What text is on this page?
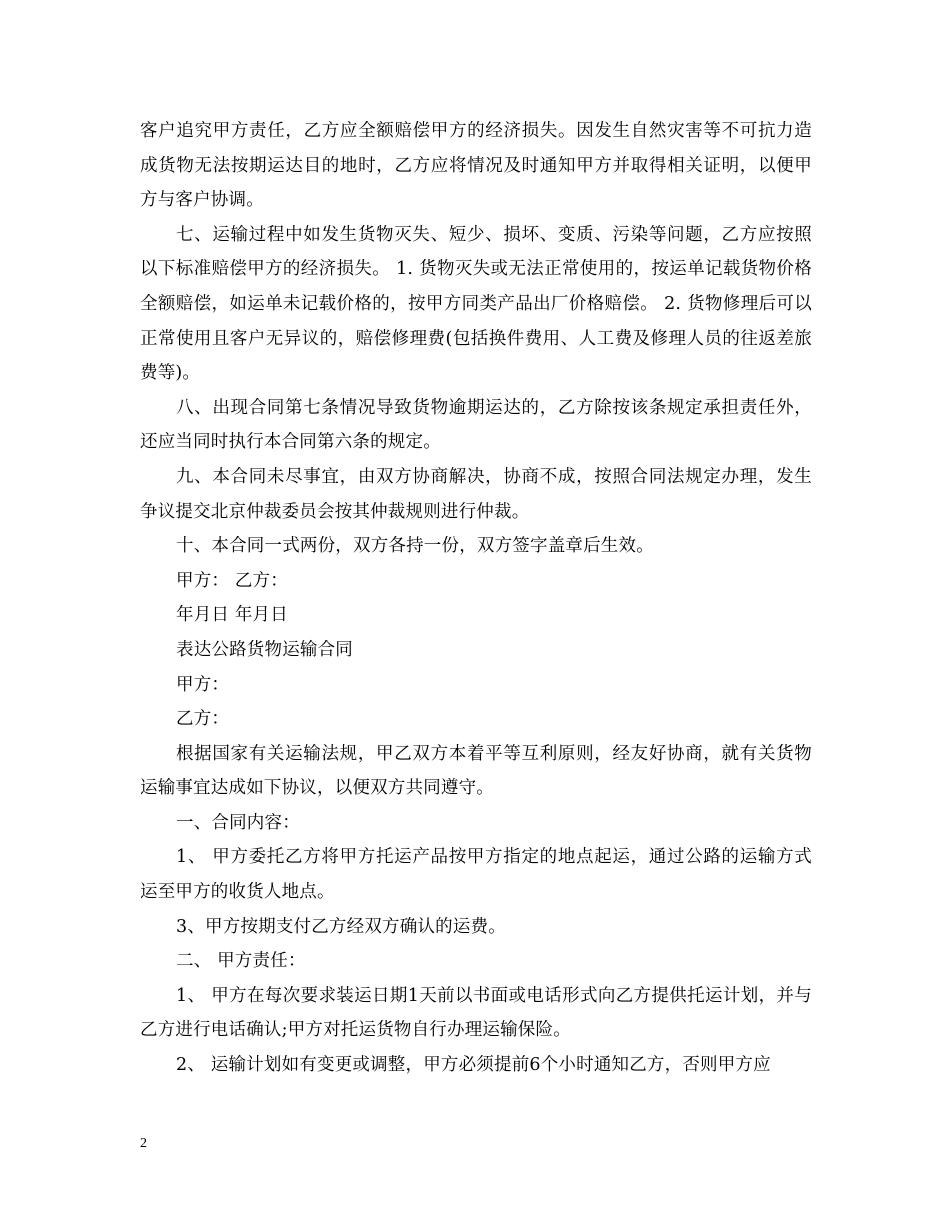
客户追究甲方责任，乙方应全额赔偿甲方的经济损失。因发生自然灾害等不可抗力造成货物无法按期运达目的地时，乙方应将情况及时通知甲方并取得相关证明，以便甲方与客户协调。

七、运输过程中如发生货物灭失、短少、损坏、变质、污染等问题，乙方应按照以下标准赔偿甲方的经济损失。 1. 货物灭失或无法正常使用的，按运单记载货物价格全额赔偿，如运单未记载价格的，按甲方同类产品出厂价格赔偿。 2. 货物修理后可以正常使用且客户无异议的，赔偿修理费(包括换件费用、人工费及修理人员的往返差旅费等)。

八、出现合同第七条情况导致货物逾期运达的，乙方除按该条规定承担责任外，还应当同时执行本合同第六条的规定。

九、本合同未尽事宜，由双方协商解决，协商不成，按照合同法规定办理，发生争议提交北京仲裁委员会按其仲裁规则进行仲裁。

十、本合同一式两份，双方各持一份，双方签字盖章后生效。

甲方： 乙方：

年月日 年月日

表达公路货物运输合同

甲方：

乙方：

根据国家有关运输法规，甲乙双方本着平等互利原则，经友好协商，就有关货物运输事宜达成如下协议，以便双方共同遵守。

一、合同内容：

1、 甲方委托乙方将甲方托运产品按甲方指定的地点起运，通过公路的运输方式运至甲方的收货人地点。

3、甲方按期支付乙方经双方确认的运费。

二、 甲方责任：

1、 甲方在每次要求装运日期1天前以书面或电话形式向乙方提供托运计划，并与乙方进行电话确认;甲方对托运货物自行办理运输保险。

2、 运输计划如有变更或调整，甲方必须提前6个小时通知乙方，否则甲方应

2
